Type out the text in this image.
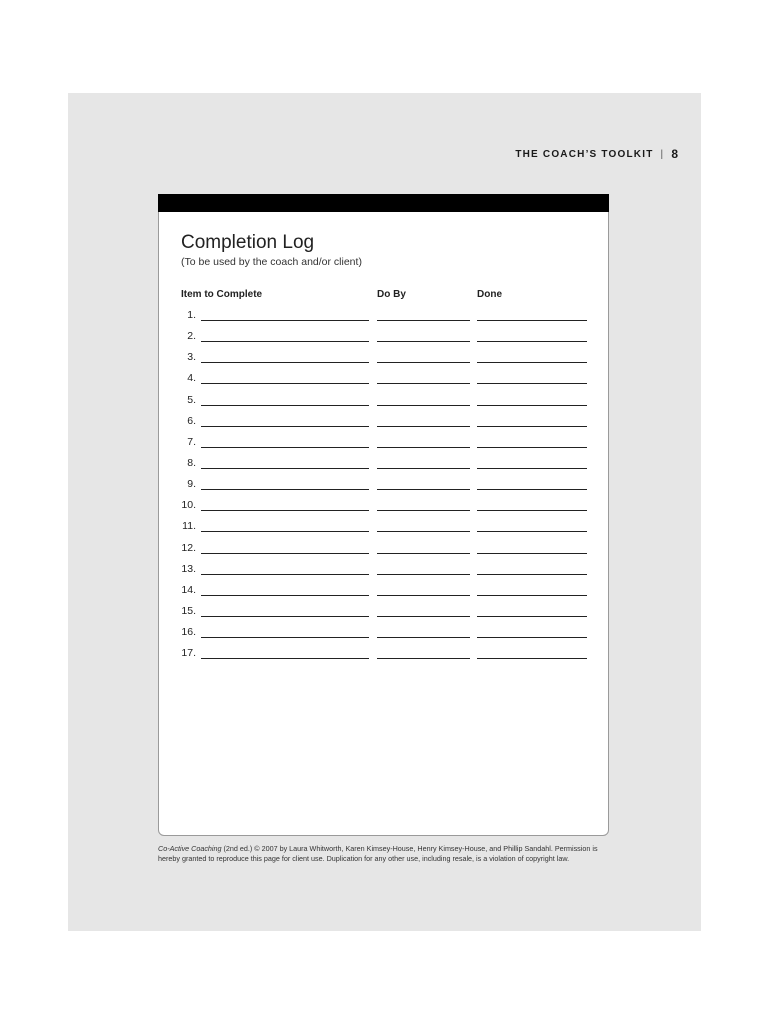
THE COACH’S TOOLKIT | 8
Completion Log
(To be used by the coach and/or client)
Item to Complete	Do By	Done
1.
2.
3.
4.
5.
6.
7.
8.
9.
10.
11.
12.
13.
14.
15.
16.
17.
Co-Active Coaching (2nd ed.) © 2007 by Laura Whitworth, Karen Kimsey-House, Henry Kimsey-House, and Phillip Sandahl. Permission is hereby granted to reproduce this page for client use. Duplication for any other use, including resale, is a violation of copyright law.
